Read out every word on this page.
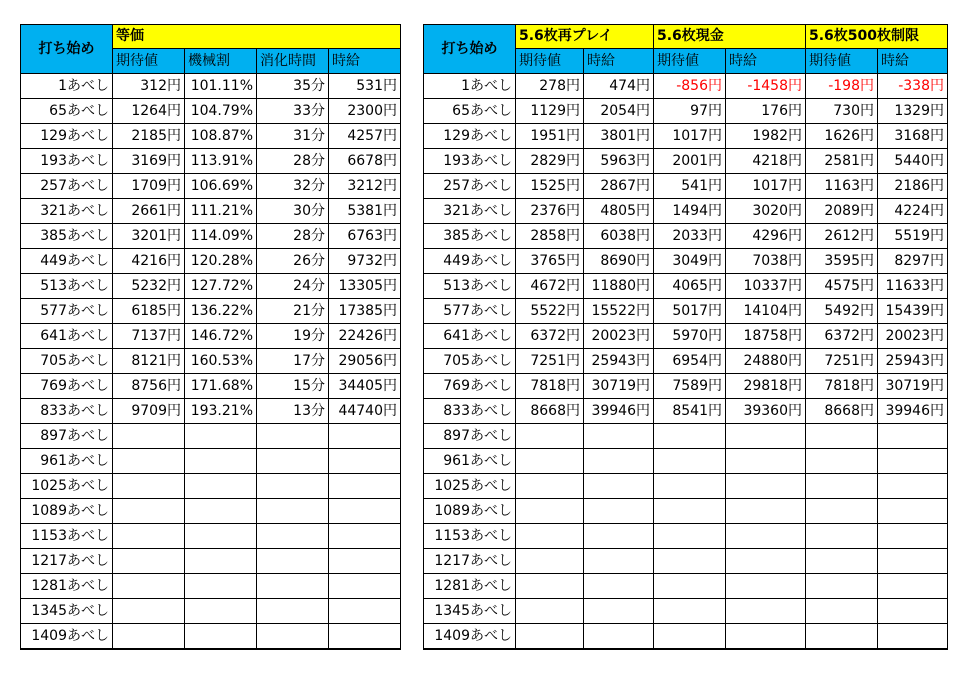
打ち始め	等価			
	期待値	機械割	消化時間	時給
1あべし	312円	101.11%	35分	531円
65あべし	1264円	104.79%	33分	2300円
129あべし	2185円	108.87%	31分	4257円
193あべし	3169円	113.91%	28分	6678円
257あべし	1709円	106.69%	32分	3212円
321あべし	2661円	111.21%	30分	5381円
385あべし	3201円	114.09%	28分	6763円
449あべし	4216円	120.28%	26分	9732円
513あべし	5232円	127.72%	24分	13305円
577あべし	6185円	136.22%	21分	17385円
641あべし	7137円	146.72%	19分	22426円
705あべし	8121円	160.53%	17分	29056円
769あべし	8756円	171.68%	15分	34405円
833あべし	9709円	193.21%	13分	44740円
897あべし				
961あべし				
1025あべし				
1089あべし				
1153あべし				
1217あべし				
1281あべし				
1345あべし				
1409あべし				
打ち始め	5.6枚再プレイ		5.6枚現金		5.6枚500枚制限	
	期待値	時給	期待値	時給	期待値	時給
1あべし	278円	474円	-856円	-1458円	-198円	-338円
65あべし	1129円	2054円	97円	176円	730円	1329円
129あべし	1951円	3801円	1017円	1982円	1626円	3168円
193あべし	2829円	5963円	2001円	4218円	2581円	5440円
257あべし	1525円	2867円	541円	1017円	1163円	2186円
321あべし	2376円	4805円	1494円	3020円	2089円	4224円
385あべし	2858円	6038円	2033円	4296円	2612円	5519円
449あべし	3765円	8690円	3049円	7038円	3595円	8297円
513あべし	4672円	11880円	4065円	10337円	4575円	11633円
577あべし	5522円	15522円	5017円	14104円	5492円	15439円
641あべし	6372円	20023円	5970円	18758円	6372円	20023円
705あべし	7251円	25943円	6954円	24880円	7251円	25943円
769あべし	7818円	30719円	7589円	29818円	7818円	30719円
833あべし	8668円	39946円	8541円	39360円	8668円	39946円
897あべし						
961あべし						
1025あべし						
1089あべし						
1153あべし						
1217あべし						
1281あべし						
1345あべし						
1409あべし						
